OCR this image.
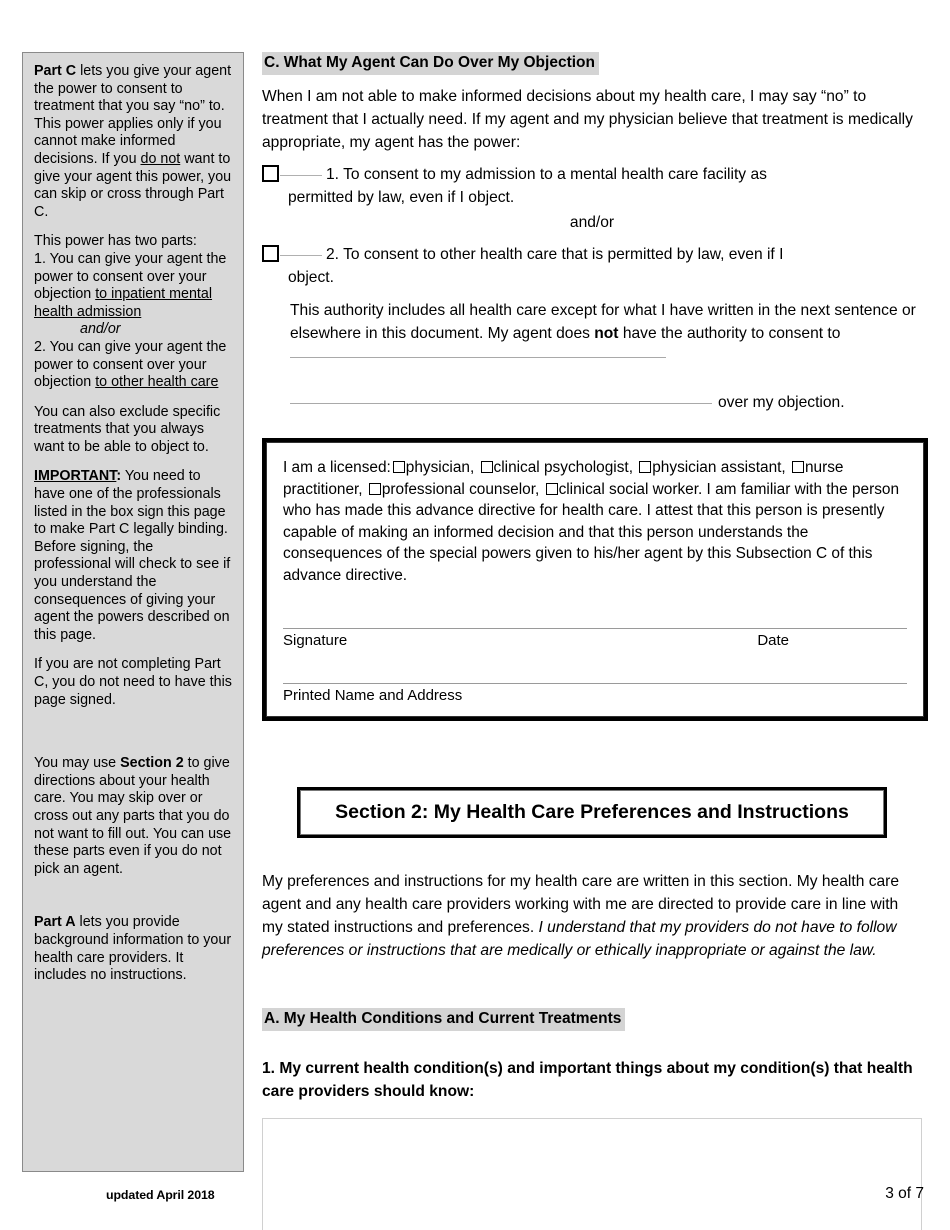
Part C lets you give your agent the power to consent to treatment that you say “no” to. This power applies only if you cannot make informed decisions. If you do not want to give your agent this power, you can skip or cross through Part C.

This power has two parts:
1. You can give your agent the power to consent over your objection to inpatient mental health admission
and/or
2. You can give your agent the power to consent over your objection to other health care

You can also exclude specific treatments that you always want to be able to object to.

IMPORTANT: You need to have one of the professionals listed in the box sign this page to make Part C legally binding. Before signing, the professional will check to see if you understand the consequences of giving your agent the powers described on this page.

If you are not completing Part C, you do not need to have this page signed.

You may use Section 2 to give directions about your health care. You may skip over or cross out any parts that you do not want to fill out. You can use these parts even if you do not pick an agent.

Part A lets you provide background information to your health care providers. It includes no instructions.

C. What My Agent Can Do Over My Objection

When I am not able to make informed decisions about my health care, I may say “no” to treatment that I actually need. If my agent and my physician believe that treatment is medically appropriate, my agent has the power:

1. To consent to my admission to a mental health care facility as
permitted by law, even if I object.

and/or

2. To consent to other health care that is permitted by law, even if I
object.

This authority includes all health care except for what I have written in the next sentence or elsewhere in this document. My agent does not have the authority to consent to

over my objection.

I am a licensed: physician, clinical psychologist, physician assistant, nurse practitioner, professional counselor, clinical social worker. I am familiar with the person who has made this advance directive for health care. I attest that this person is presently capable of making an informed decision and that this person understands the consequences of the special powers given to his/her agent by this Subsection C of this advance directive.

Signature	Date
Printed Name and Address
Section 2: My Health Care Preferences and Instructions

My preferences and instructions for my health care are written in this section. My health care agent and any health care providers working with me are directed to provide care in line with my stated instructions and preferences. I understand that my providers do not have to follow preferences or instructions that are medically or ethically inappropriate or against the law.

A. My Health Conditions and Current Treatments

1. My current health condition(s) and important things about my condition(s) that health care providers should know:

updated April 2018	3 of 7
